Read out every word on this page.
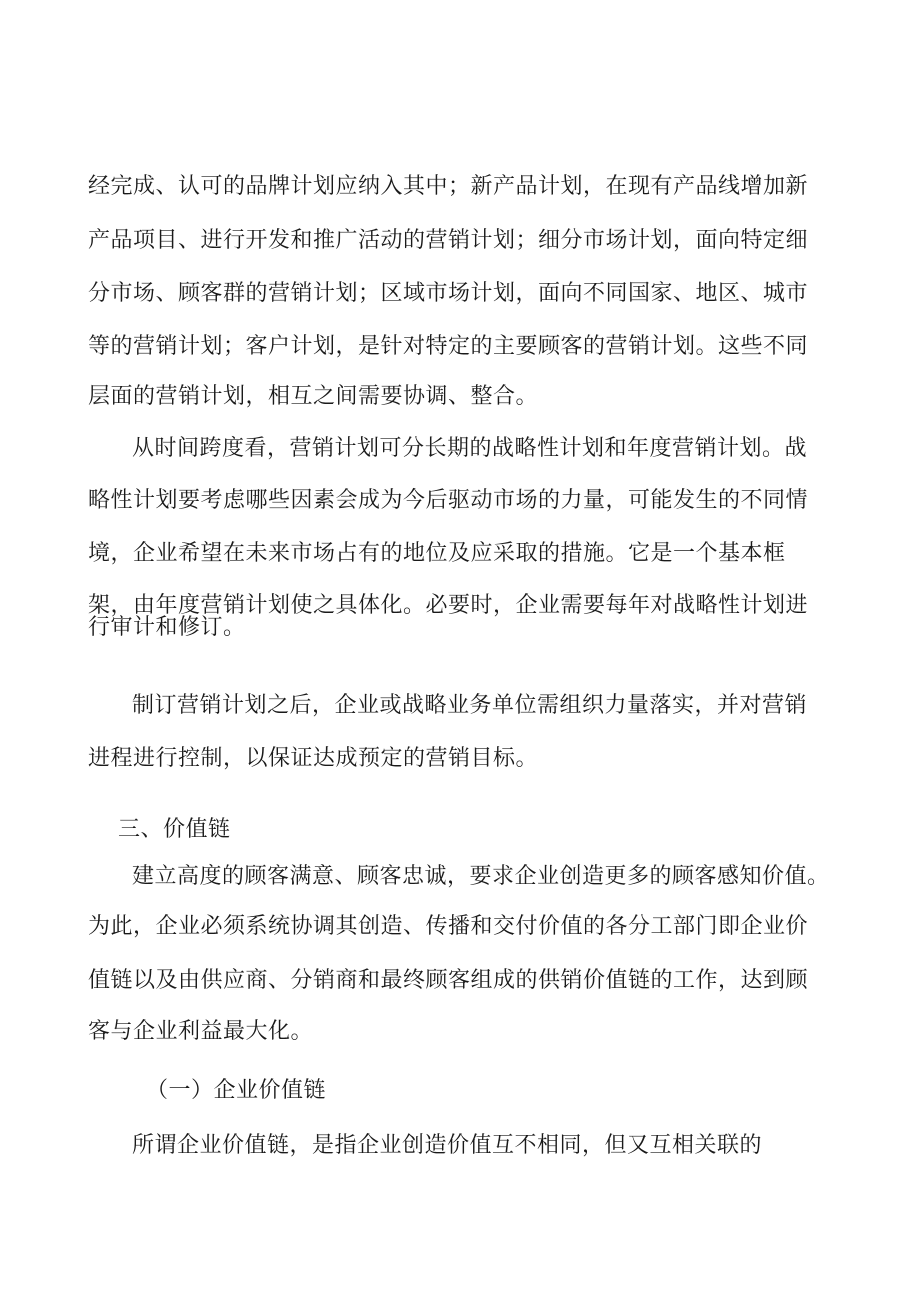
经完成、认可的品牌计划应纳入其中；新产品计划，在现有产品线增加新
产品项目、进行开发和推广活动的营销计划；细分市场计划，面向特定细
分市场、顾客群的营销计划；区域市场计划，面向不同国家、地区、城市
等的营销计划；客户计划，是针对特定的主要顾客的营销计划。这些不同
层面的营销计划，相互之间需要协调、整合。
从时间跨度看，营销计划可分长期的战略性计划和年度营销计划。战
略性计划要考虑哪些因素会成为今后驱动市场的力量，可能发生的不同情
境，企业希望在未来市场占有的地位及应采取的措施。它是一个基本框
架，由年度营销计划使之具体化。必要时，企业需要每年对战略性计划进
行审计和修订。
制订营销计划之后，企业或战略业务单位需组织力量落实，并对营销
进程进行控制，以保证达成预定的营销目标。
三、价值链
建立高度的顾客满意、顾客忠诚，要求企业创造更多的顾客感知价值。
为此，企业必须系统协调其创造、传播和交付价值的各分工部门即企业价
值链以及由供应商、分销商和最终顾客组成的供销价值链的工作，达到顾
客与企业利益最大化。
（一）企业价值链
所谓企业价值链，是指企业创造价值互不相同，但又互相关联的
